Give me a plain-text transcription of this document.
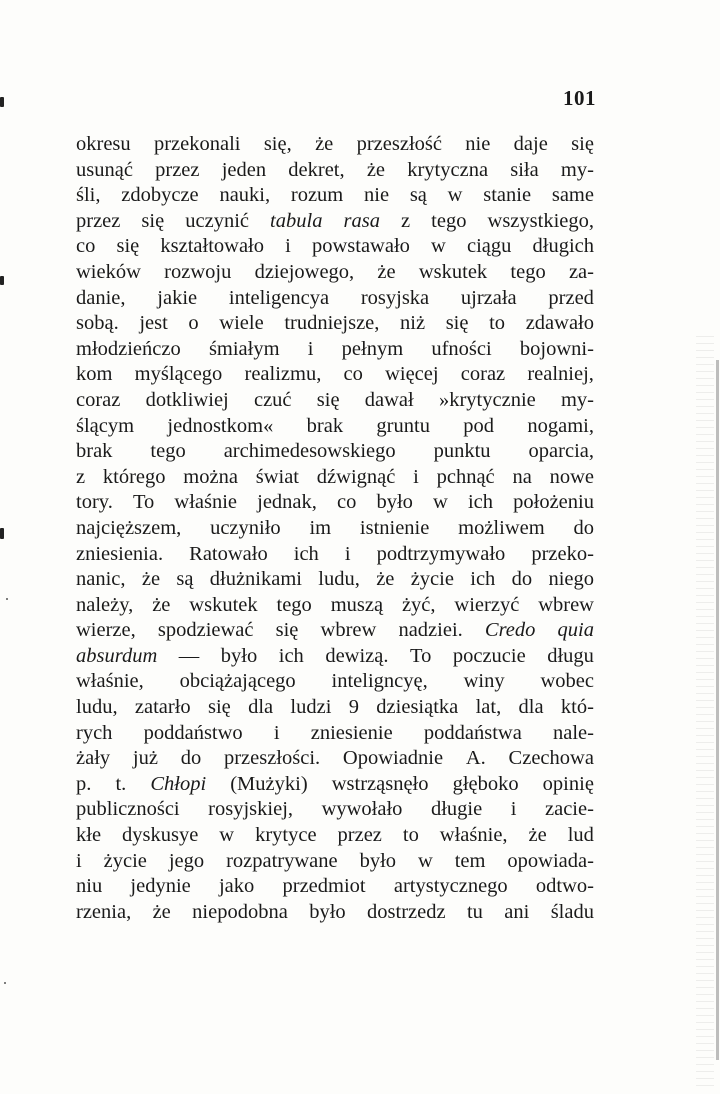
101
okresu przekonali się, że przeszłość nie daje się
usunąć przez jeden dekret, że krytyczna siła my-
śli, zdobycze nauki, rozum nie są w stanie same
przez się uczynić tabula rasa z tego wszystkiego,
co się kształtowało i powstawało w ciągu długich
wieków rozwoju dziejowego, że wskutek tego za-
danie, jakie inteligencya rosyjska ujrzała przed
sobą. jest o wiele trudniejsze, niż się to zdawało
młodzieńczo śmiałym i pełnym ufności bojowni-
kom myślącego realizmu, co więcej coraz realniej,
coraz dotkliwiej czuć się dawał »krytycznie my-
ślącym jednostkom« brak gruntu pod nogami,
brak tego archimedesowskiego punktu oparcia,
z którego można świat dźwignąć i pchnąć na nowe
tory. To właśnie jednak, co było w ich położeniu
najcięższem, uczyniło im istnienie możliwem do
zniesienia. Ratowało ich i podtrzymywało przeko-
nanic, że są dłużnikami ludu, że życie ich do niego
należy, że wskutek tego muszą żyć, wierzyć wbrew
wierze, spodziewać się wbrew nadziei. Credo quia
absurdum — było ich dewizą. To poczucie długu
właśnie, obciążającego inteligncyę, winy wobec
ludu, zatarło się dla ludzi 9 dziesiątka lat, dla któ-
rych poddaństwo i zniesienie poddaństwa nale-
żały już do przeszłości. Opowiadnie A. Czechowa
p. t. Chłopi (Mużyki) wstrząsnęło głęboko opinię
publiczności rosyjskiej, wywołało długie i zacie-
kłe dyskusye w krytyce przez to właśnie, że lud
i życie jego rozpatrywane było w tem opowiada-
niu jedynie jako przedmiot artystycznego odtwo-
rzenia, że niepodobna było dostrzedz tu ani śladu
